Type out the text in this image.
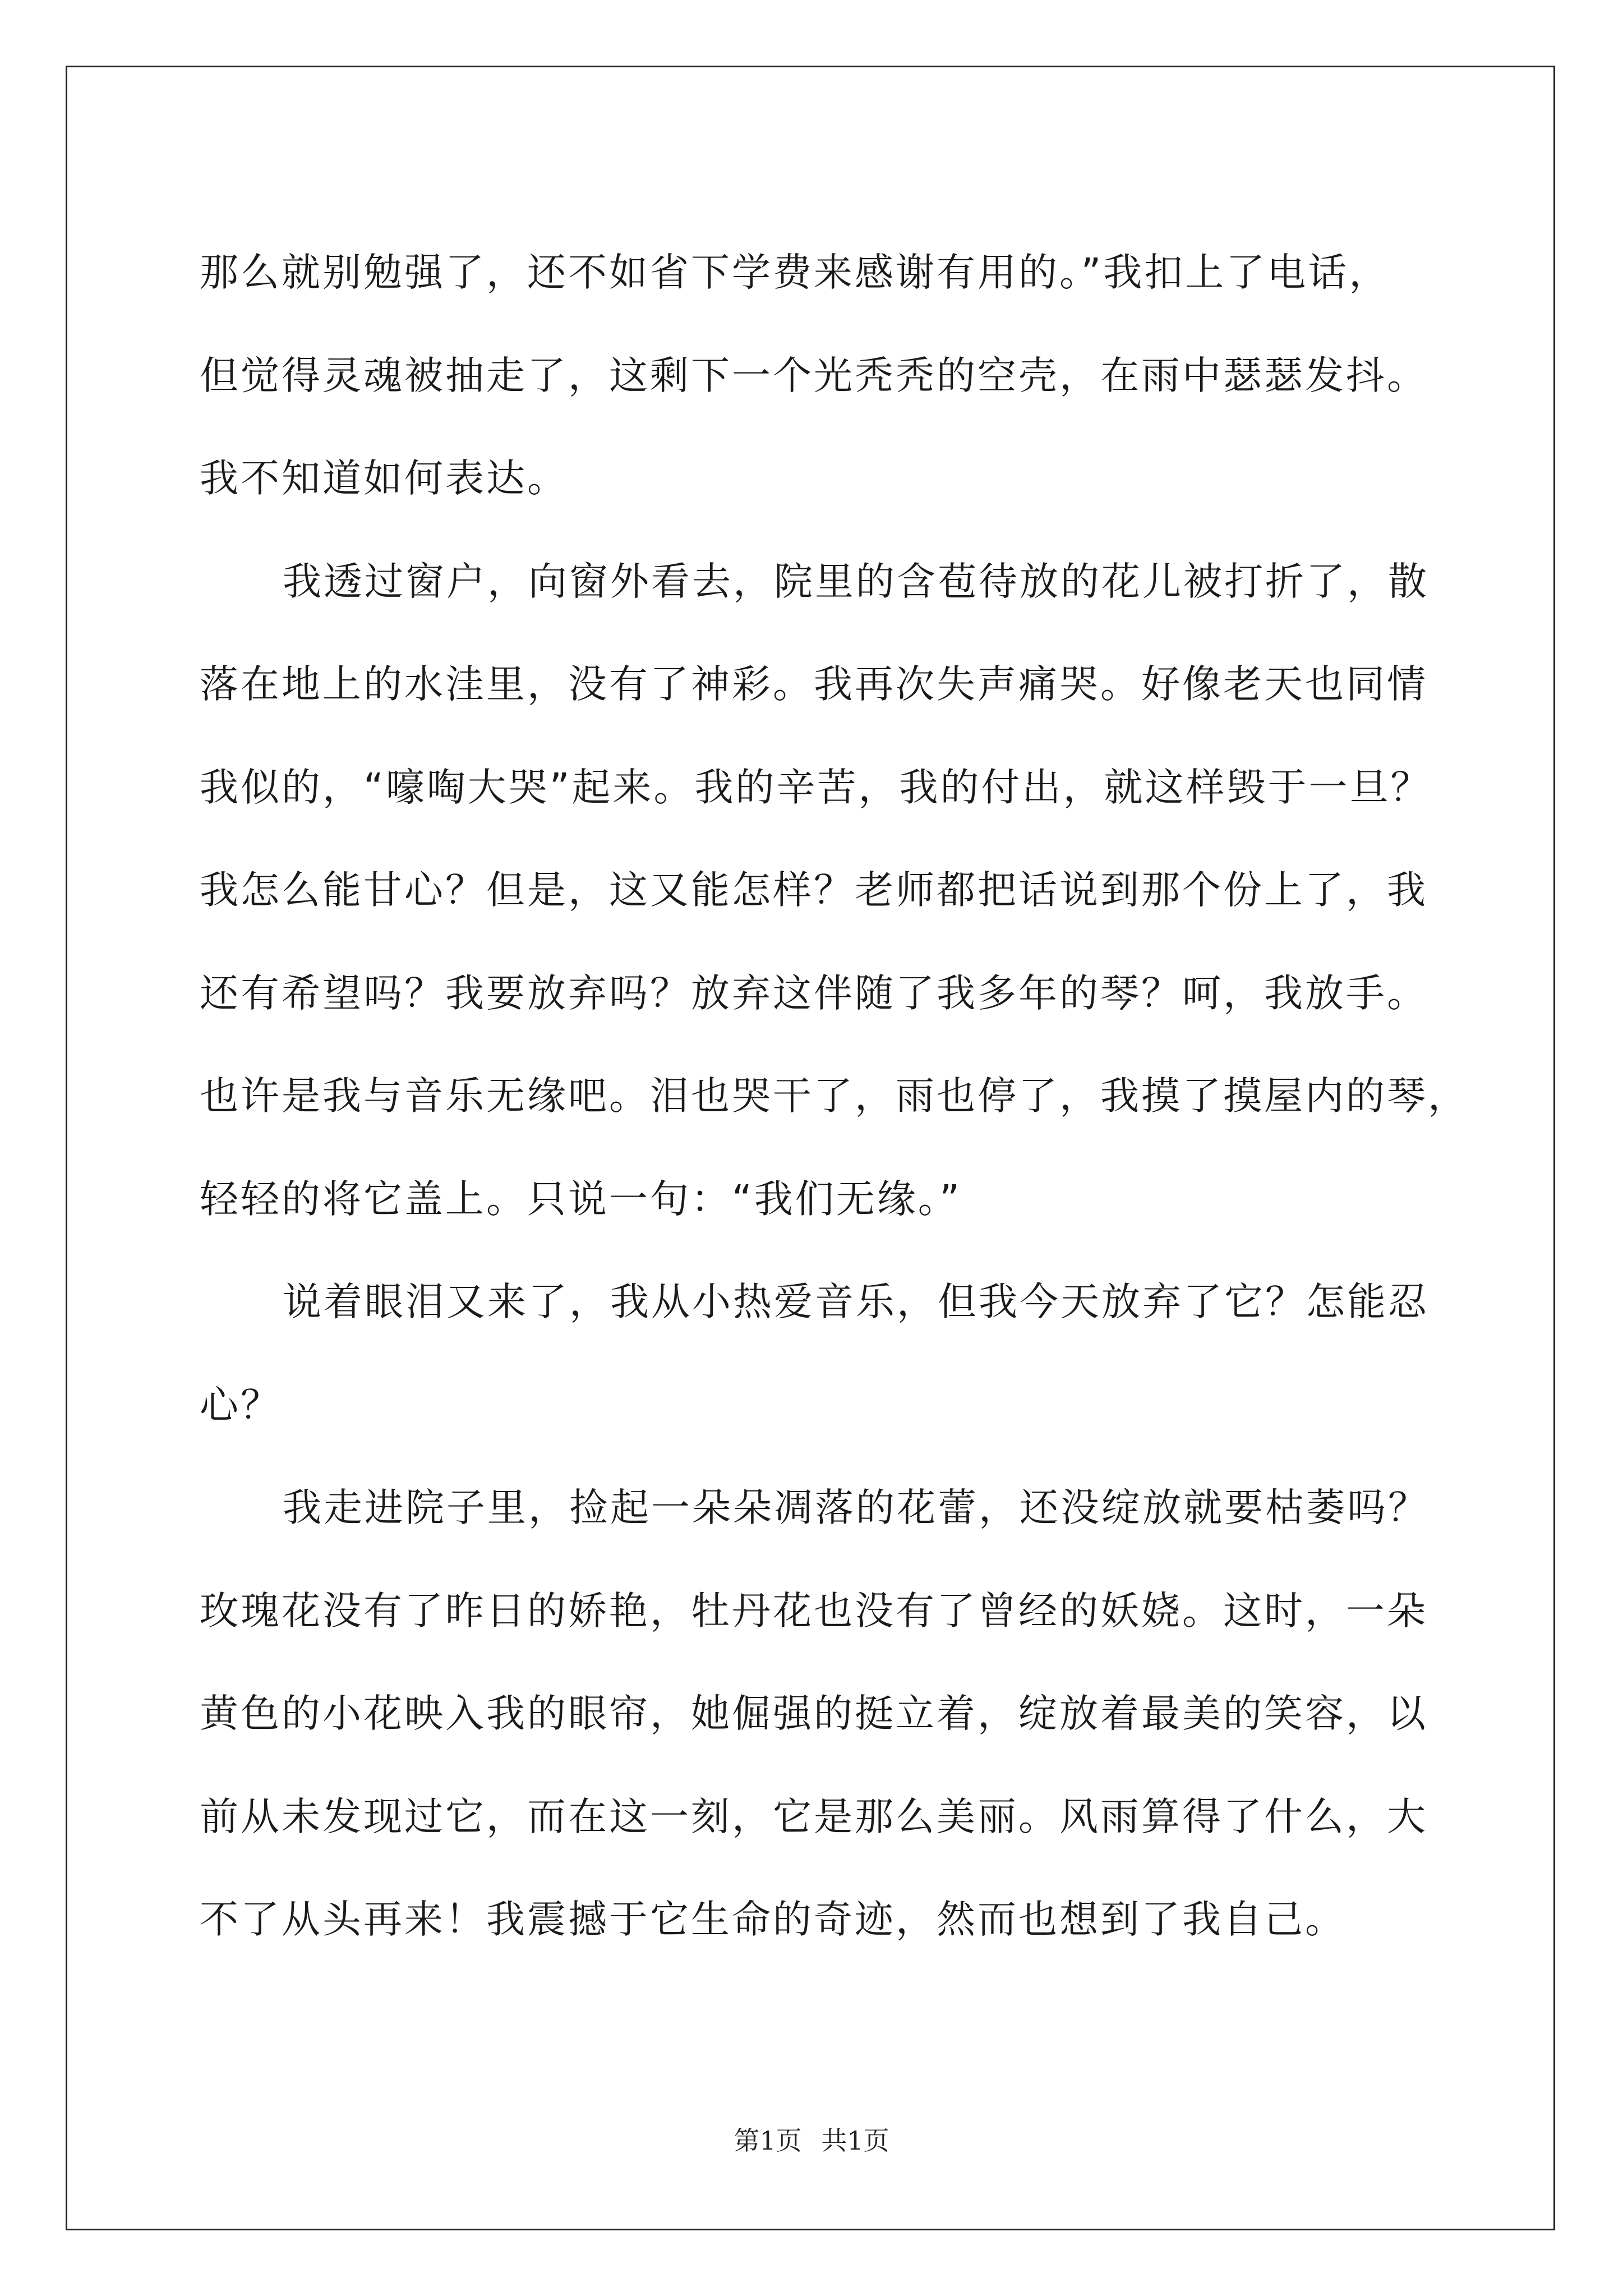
那么就别勉强了，还不如省下学费来感谢有用的。”我扣上了电话，
但觉得灵魂被抽走了，这剩下一个光秃秃的空壳，在雨中瑟瑟发抖。
我不知道如何表达。
我透过窗户，向窗外看去，院里的含苞待放的花儿被打折了，散
落在地上的水洼里，没有了神彩。我再次失声痛哭。好像老天也同情
我似的，“嚎啕大哭”起来。我的辛苦，我的付出，就这样毁于一旦？
我怎么能甘心？但是，这又能怎样？老师都把话说到那个份上了，我
还有希望吗？我要放弃吗？放弃这伴随了我多年的琴？呵，我放手。
也许是我与音乐无缘吧。泪也哭干了，雨也停了，我摸了摸屋内的琴，
轻轻的将它盖上。只说一句：“我们无缘。”
说着眼泪又来了，我从小热爱音乐，但我今天放弃了它？怎能忍
心？
我走进院子里，捡起一朵朵凋落的花蕾，还没绽放就要枯萎吗？
玫瑰花没有了昨日的娇艳，牡丹花也没有了曾经的妖娆。这时，一朵
黄色的小花映入我的眼帘，她倔强的挺立着，绽放着最美的笑容，以
前从未发现过它，而在这一刻，它是那么美丽。风雨算得了什么，大
不了从头再来！我震撼于它生命的奇迹，然而也想到了我自己。
第1页 共1页
